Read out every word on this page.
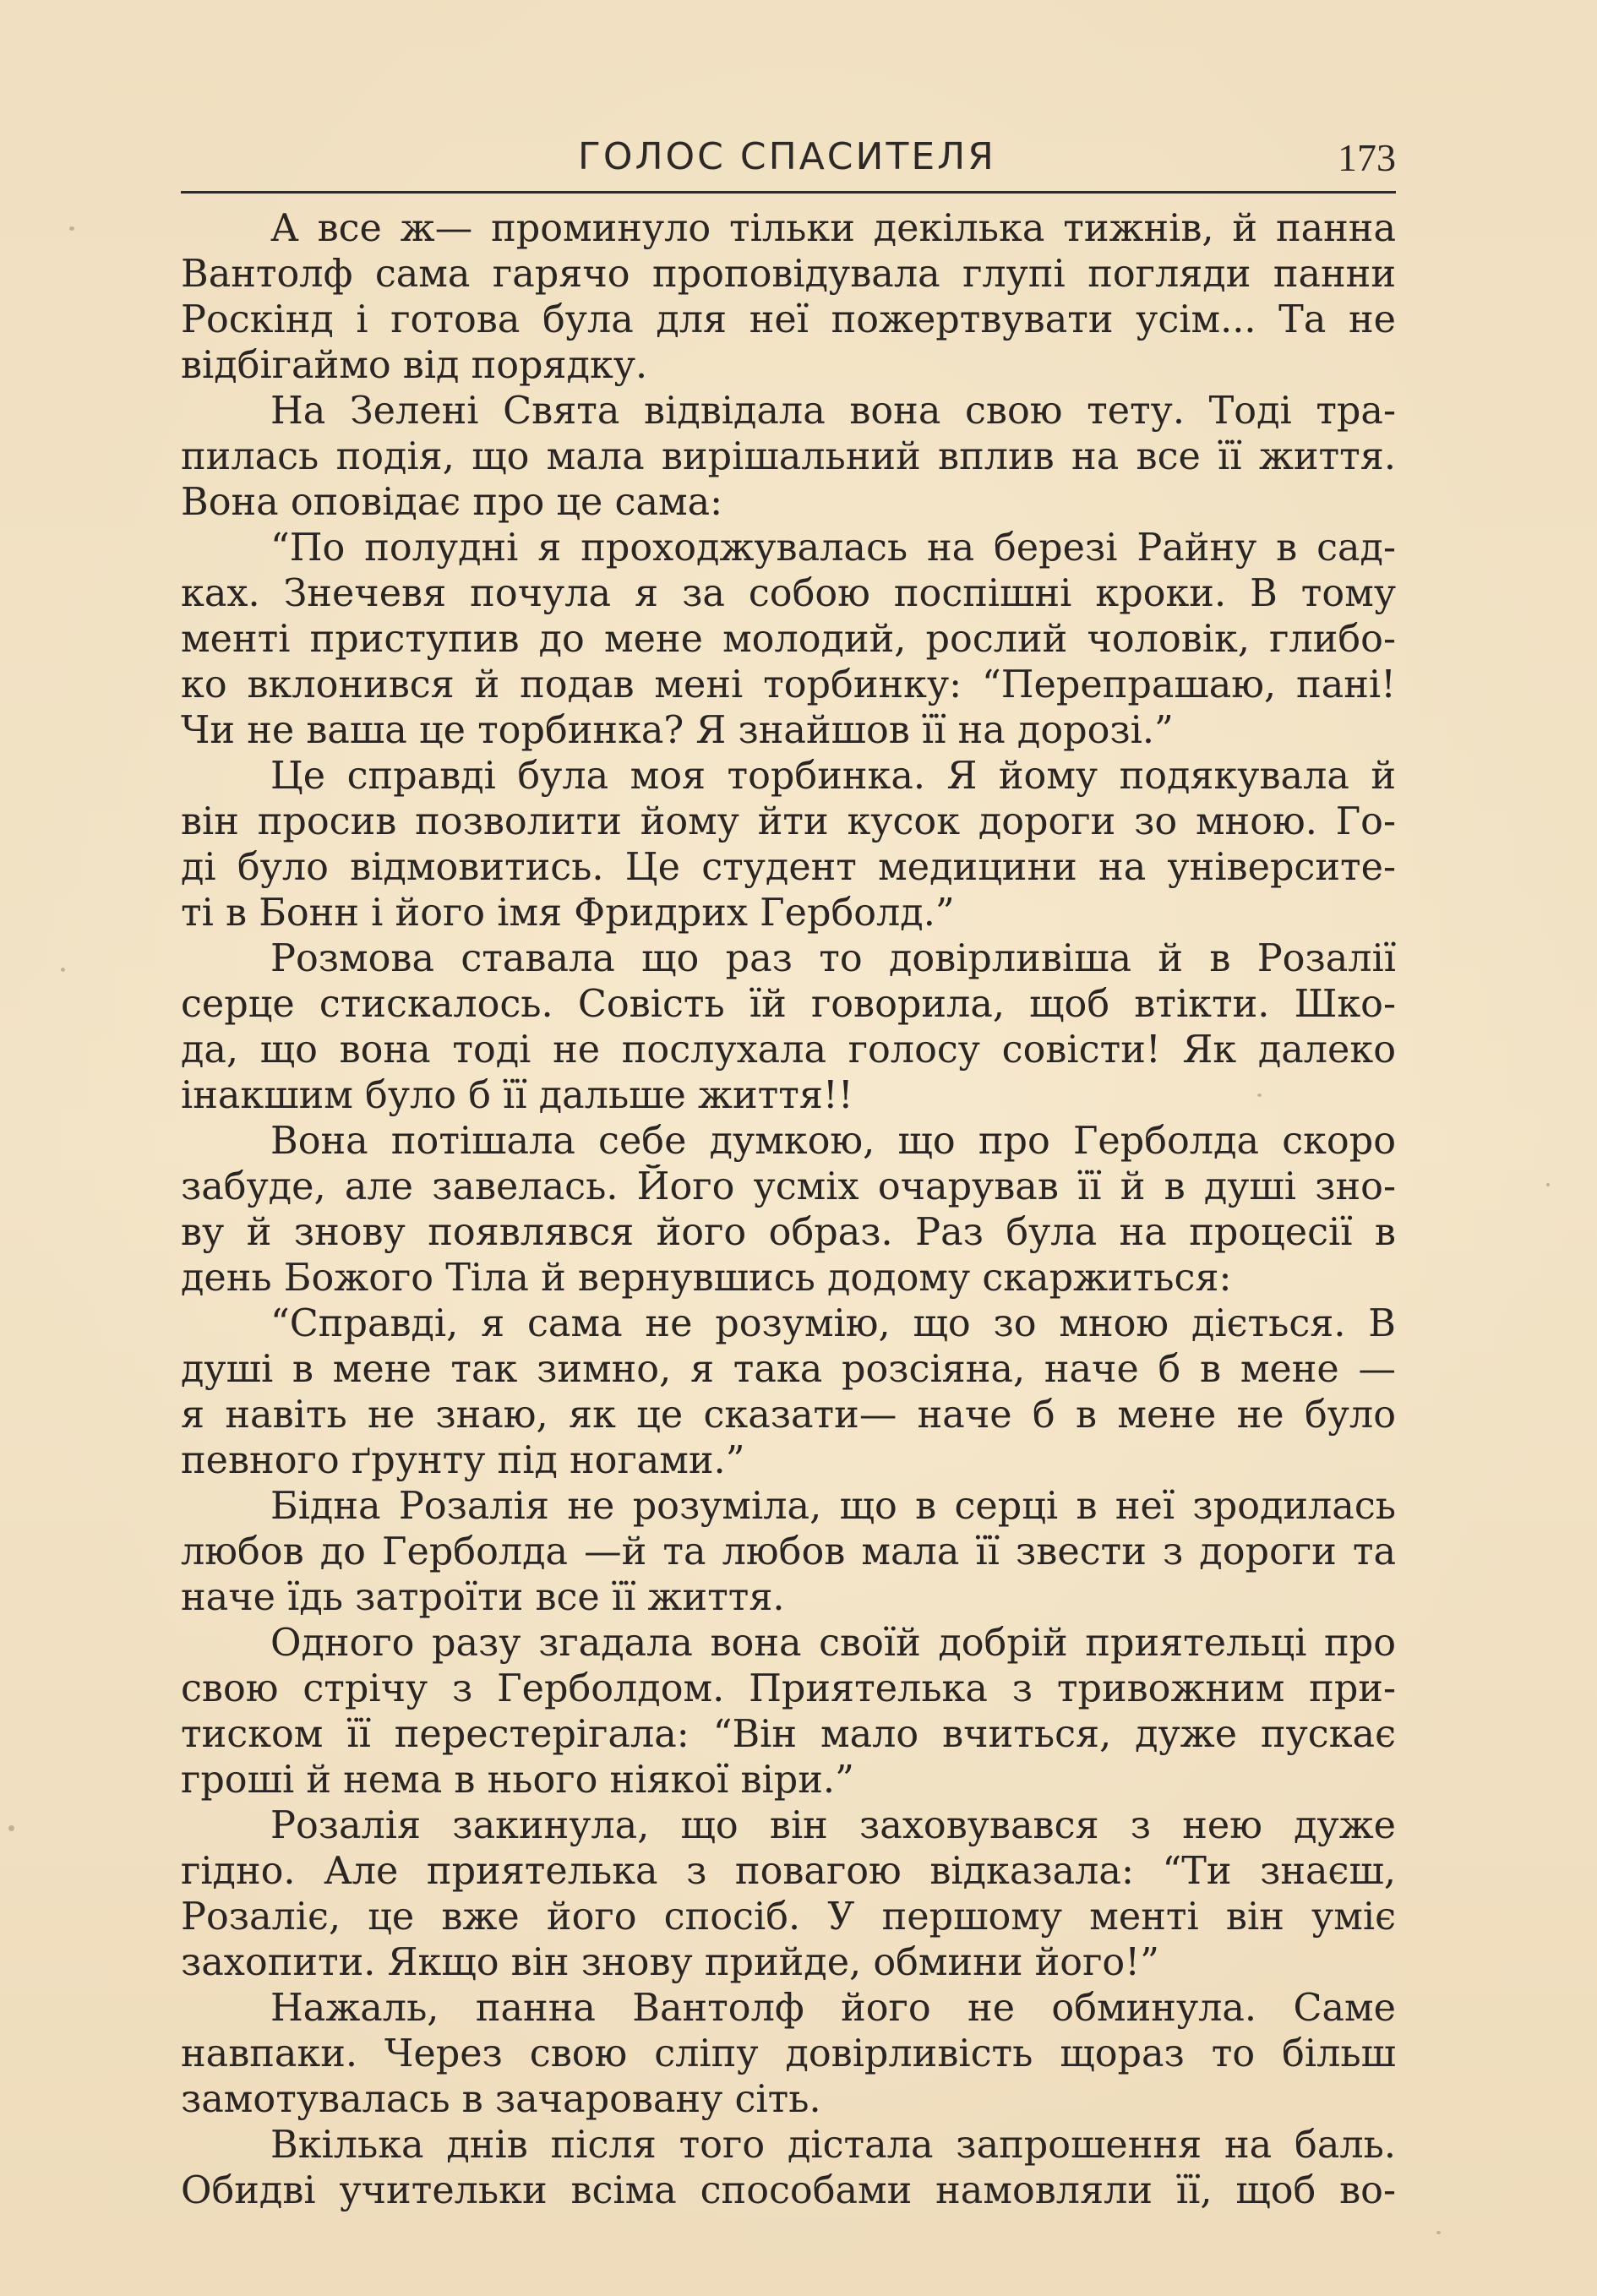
ГОЛОС СПАСИТЕЛЯ	173
А все ж— проминуло тільки декілька тижнів, й панна
Вантолф сама гарячо проповідувала глупі погляди панни
Роскінд і готова була для неї пожертвувати усім... Та не
відбігаймо від порядку.
На Зелені Свята відвідала вона свою тету. Тоді тра-
пилась подія, що мала вирішальний вплив на все її життя.
Вона оповідає про це сама:
“По полудні я проходжувалась на березі Райну в сад-
ках. Знечевя почула я за собою поспішні кроки. В тому
менті приступив до мене молодий, рослий чоловік, глибо-
ко вклонився й подав мені торбинку: “Перепрашаю, пані!
Чи не ваша це торбинка? Я знайшов її на дорозі.”
Це справді була моя торбинка. Я йому подякувала й
він просив позволити йому йти кусок дороги зо мною. Го-
ді було відмовитись. Це студент медицини на університе-
ті в Бонн і його імя Фридрих Герболд.”
Розмова ставала що раз то довірливіша й в Розалії
серце стискалось. Совість їй говорила, щоб втікти. Шко-
да, що вона тоді не послухала голосу совісти! Як далеко
інакшим було б її дальше життя!!
Вона потішала себе думкою, що про Герболда скоро
забуде, але завелась. Його усміх очарував її й в душі зно-
ву й знову появлявся його образ. Раз була на процесії в
день Божого Тіла й вернувшись додому скаржиться:
“Справді, я сама не розумію, що зо мною діється. В
душі в мене так зимно, я така розсіяна, наче б в мене —
я навіть не знаю, як це сказати— наче б в мене не було
певного ґрунту під ногами.”
Бідна Розалія не розуміла, що в серці в неї зродилась
любов до Герболда —й та любов мала її звести з дороги та
наче їдь затроїти все її життя.
Одного разу згадала вона своїй добрій приятельці про
свою стрічу з Герболдом. Приятелька з тривожним при-
тиском її перестерігала: “Він мало вчиться, дуже пускає
гроші й нема в нього ніякої віри.”
Розалія закинула, що він заховувався з нею дуже
гідно. Але приятелька з повагою відказала: “Ти знаєш,
Розаліє, це вже його спосіб. У першому менті він уміє
захопити. Якщо він знову прийде, обмини його!”
Нажаль, панна Вантолф його не обминула. Саме
навпаки. Через свою сліпу довірливість щораз то більш
замотувалась в зачаровану сіть.
Вкілька днів після того дістала запрошення на баль.
Обидві учительки всіма способами намовляли її, щоб во-
